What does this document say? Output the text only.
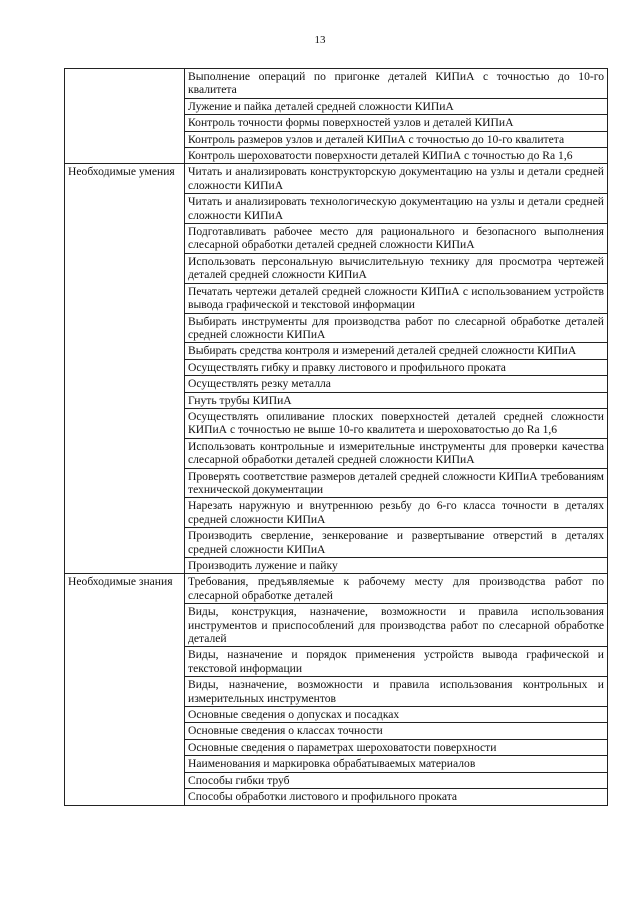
13
	Выполнение операций по пригонке деталей КИПиА с точностью до 10-го квалитета
	Лужение и пайка деталей средней сложности КИПиА
	Контроль точности формы поверхностей узлов и деталей КИПиА
	Контроль размеров узлов и деталей КИПиА с точностью до 10-го квалитета
	Контроль шероховатости поверхности деталей КИПиА с точностью до Ra 1,6
Необходимые умения	Читать и анализировать конструкторскую документацию на узлы и детали средней сложности КИПиА
	Читать и анализировать технологическую документацию на узлы и детали средней сложности КИПиА
	Подготавливать рабочее место для рационального и безопасного выполнения слесарной обработки деталей средней сложности КИПиА
	Использовать персональную вычислительную технику для просмотра чертежей деталей средней сложности КИПиА
	Печатать чертежи деталей средней сложности КИПиА с использованием устройств вывода графической и текстовой информации
	Выбирать инструменты для производства работ по слесарной обработке деталей средней сложности КИПиА
	Выбирать средства контроля и измерений деталей средней сложности КИПиА
	Осуществлять гибку и правку листового и профильного проката
	Осуществлять резку металла
	Гнуть трубы КИПиА
	Осуществлять опиливание плоских поверхностей деталей средней сложности КИПиА с точностью не выше 10-го квалитета и шероховатостью до Ra 1,6
	Использовать контрольные и измерительные инструменты для проверки качества слесарной обработки деталей средней сложности КИПиА
	Проверять соответствие размеров деталей средней сложности КИПиА требованиям технической документации
	Нарезать наружную и внутреннюю резьбу до 6-го класса точности в деталях средней сложности КИПиА
	Производить сверление, зенкерование и развертывание отверстий в деталях средней сложности КИПиА
	Производить лужение и пайку
Необходимые знания	Требования, предъявляемые к рабочему месту для производства работ по слесарной обработке деталей
	Виды, конструкция, назначение, возможности и правила использования инструментов и приспособлений для производства работ по слесарной обработке деталей
	Виды, назначение и порядок применения устройств вывода графической и текстовой информации
	Виды, назначение, возможности и правила использования контрольных и измерительных инструментов
	Основные сведения о допусках и посадках
	Основные сведения о классах точности
	Основные сведения о параметрах шероховатости поверхности
	Наименования и маркировка обрабатываемых материалов
	Способы гибки труб
	Способы обработки листового и профильного проката
